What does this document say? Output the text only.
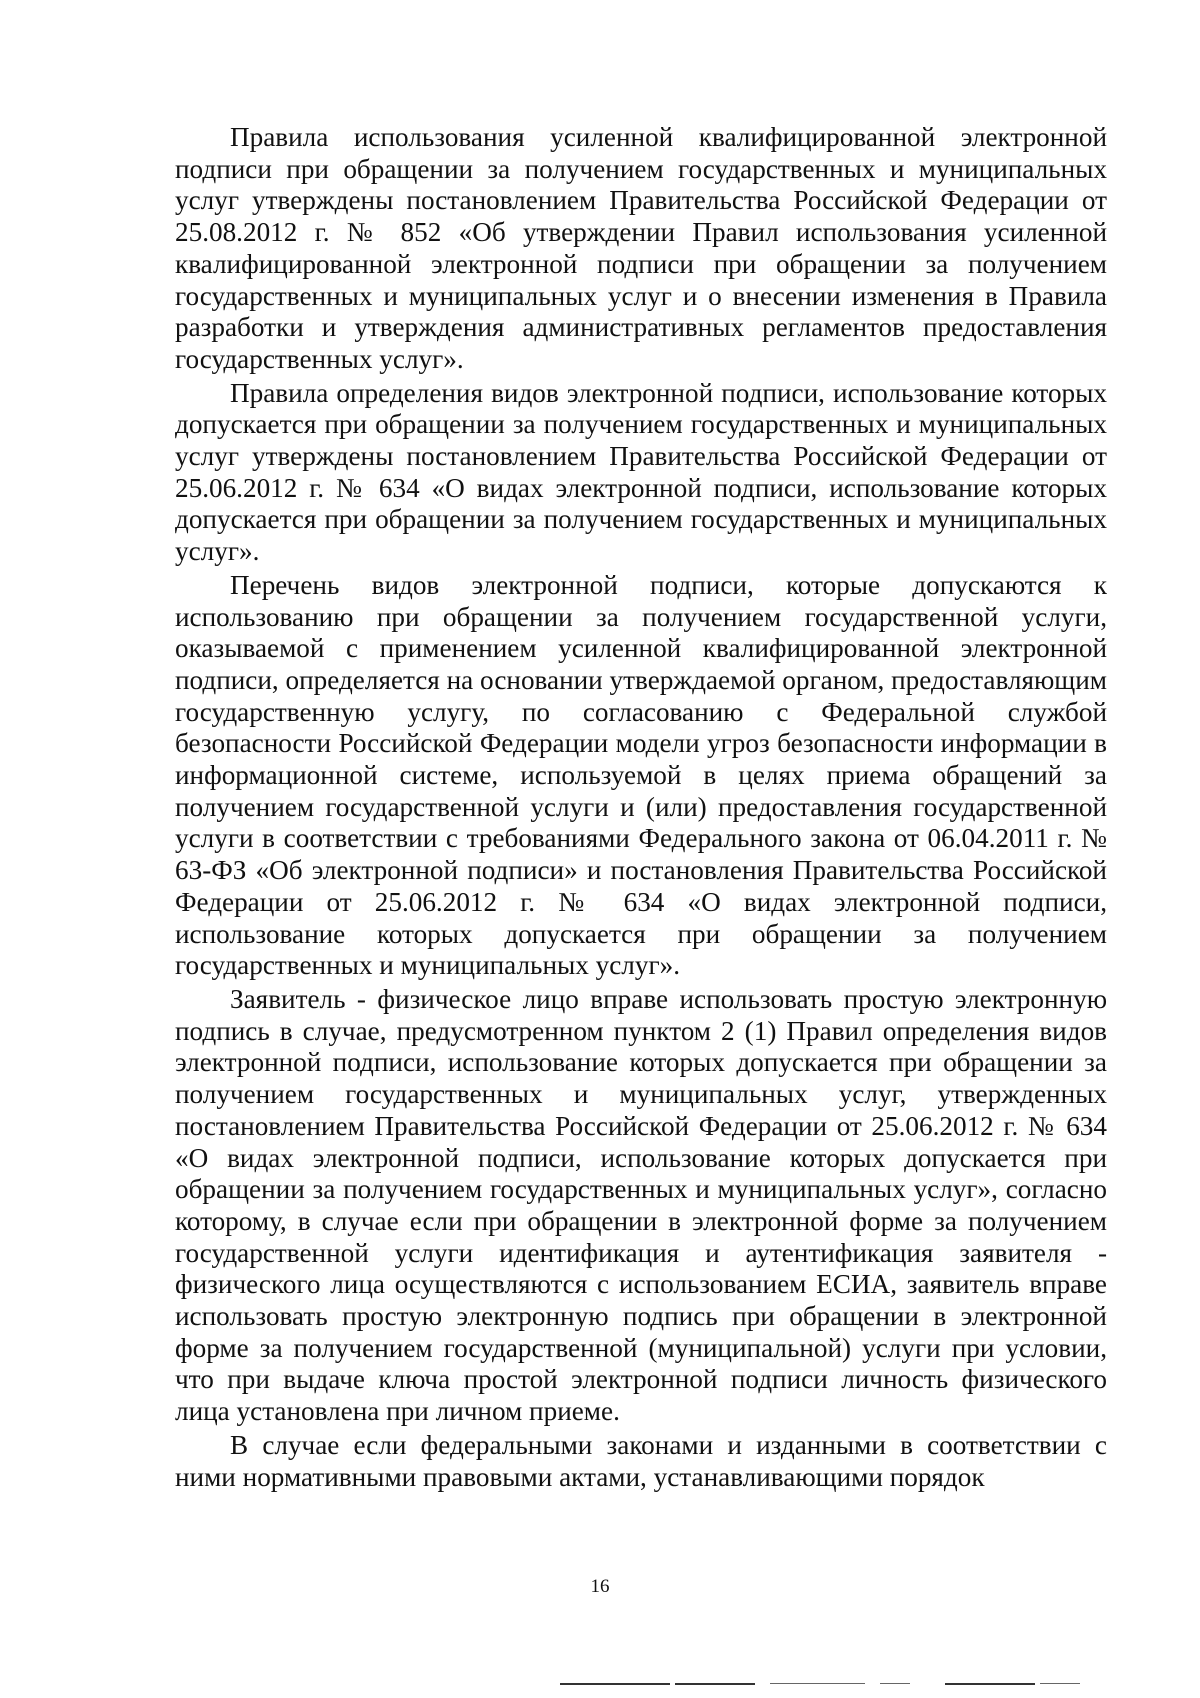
Правила использования усиленной квалифицированной электронной подписи при обращении за получением государственных и муниципальных услуг утверждены постановлением Правительства Российской Федерации от 25.08.2012 г. № 852 «Об утверждении Правил использования усиленной квалифицированной электронной подписи при обращении за получением государственных и муниципальных услуг и о внесении изменения в Правила разработки и утверждения административных регламентов предоставления государственных услуг».

Правила определения видов электронной подписи, использование которых допускается при обращении за получением государственных и муниципальных услуг утверждены постановлением Правительства Российской Федерации от 25.06.2012 г. № 634 «О видах электронной подписи, использование которых допускается при обращении за получением государственных и муниципальных услуг».

Перечень видов электронной подписи, которые допускаются к использованию при обращении за получением государственной услуги, оказываемой с применением усиленной квалифицированной электронной подписи, определяется на основании утверждаемой органом, предоставляющим государственную услугу, по согласованию с Федеральной службой безопасности Российской Федерации модели угроз безопасности информации в информационной системе, используемой в целях приема обращений за получением государственной услуги и (или) предоставления государственной услуги в соответствии с требованиями Федерального закона от 06.04.2011 г. № 63-ФЗ «Об электронной подписи» и постановления Правительства Российской Федерации от 25.06.2012 г. № 634 «О видах электронной подписи, использование которых допускается при обращении за получением государственных и муниципальных услуг».

Заявитель - физическое лицо вправе использовать простую электронную подпись в случае, предусмотренном пунктом 2 (1) Правил определения видов электронной подписи, использование которых допускается при обращении за получением государственных и муниципальных услуг, утвержденных постановлением Правительства Российской Федерации от 25.06.2012 г. № 634 «О видах электронной подписи, использование которых допускается при обращении за получением государственных и муниципальных услуг», согласно которому, в случае если при обращении в электронной форме за получением государственной услуги идентификация и аутентификация заявителя - физического лица осуществляются с использованием ЕСИА, заявитель вправе использовать простую электронную подпись при обращении в электронной форме за получением государственной (муниципальной) услуги при условии, что при выдаче ключа простой электронной подписи личность физического лица установлена при личном приеме.

В случае если федеральными законами и изданными в соответствии с ними нормативными правовыми актами, устанавливающими порядок

16
